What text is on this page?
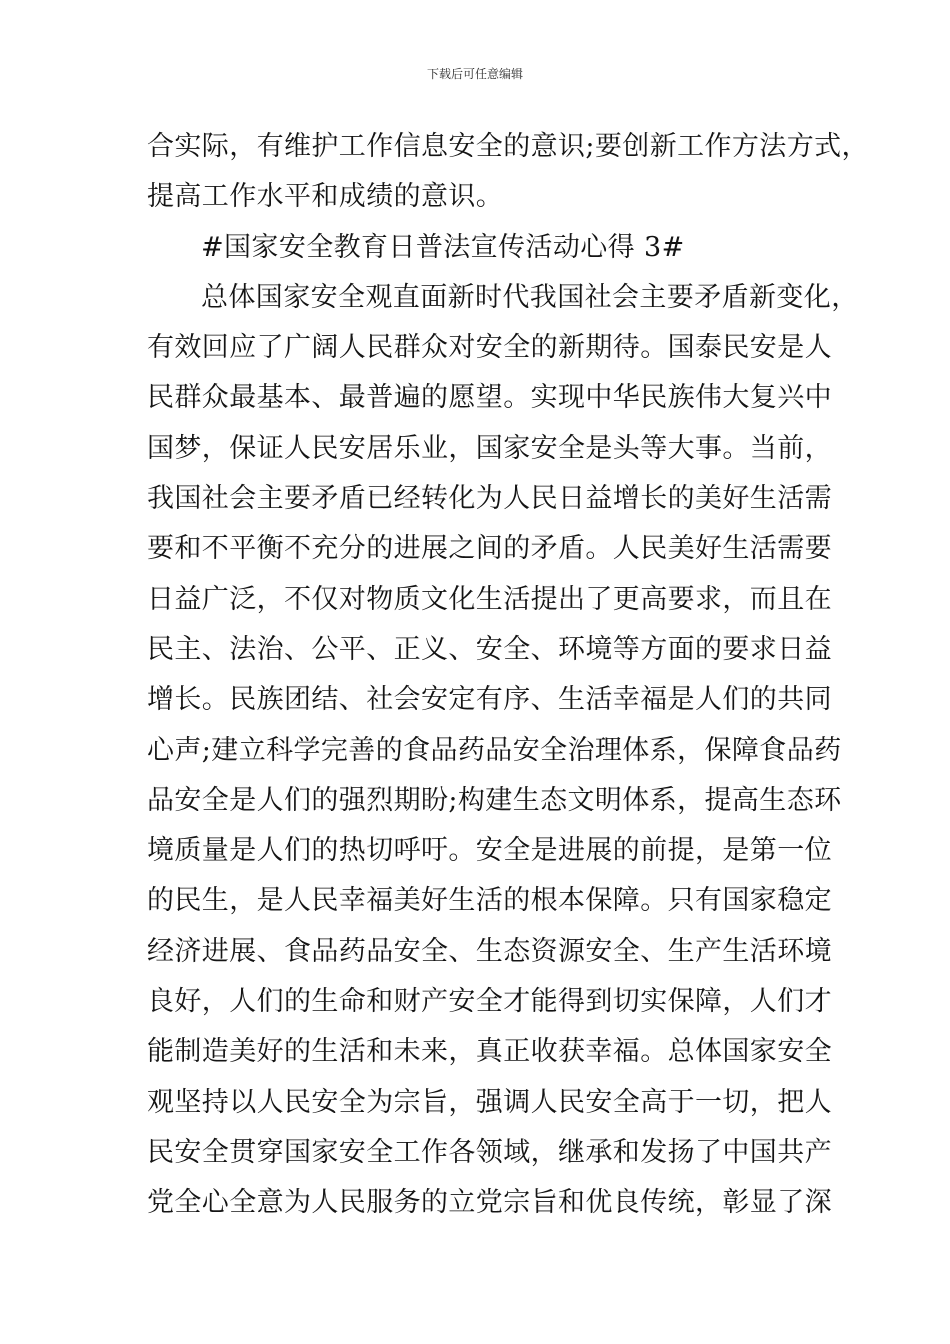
下载后可任意编辑
合实际，有维护工作信息安全的意识;要创新工作方法方式，
提高工作水平和成绩的意识。
#国家安全教育日普法宣传活动心得 3#
总体国家安全观直面新时代我国社会主要矛盾新变化，
有效回应了广阔人民群众对安全的新期待。国泰民安是人
民群众最基本、最普遍的愿望。实现中华民族伟大复兴中
国梦，保证人民安居乐业，国家安全是头等大事。当前，
我国社会主要矛盾已经转化为人民日益增长的美好生活需
要和不平衡不充分的进展之间的矛盾。人民美好生活需要
日益广泛，不仅对物质文化生活提出了更高要求，而且在
民主、法治、公平、正义、安全、环境等方面的要求日益
增长。民族团结、社会安定有序、生活幸福是人们的共同
心声;建立科学完善的食品药品安全治理体系，保障食品药
品安全是人们的强烈期盼;构建生态文明体系，提高生态环
境质量是人们的热切呼吁。安全是进展的前提，是第一位
的民生，是人民幸福美好生活的根本保障。只有国家稳定
经济进展、食品药品安全、生态资源安全、生产生活环境
良好，人们的生命和财产安全才能得到切实保障，人们才
能制造美好的生活和未来，真正收获幸福。总体国家安全
观坚持以人民安全为宗旨，强调人民安全高于一切，把人
民安全贯穿国家安全工作各领域，继承和发扬了中国共产
党全心全意为人民服务的立党宗旨和优良传统，彰显了深
